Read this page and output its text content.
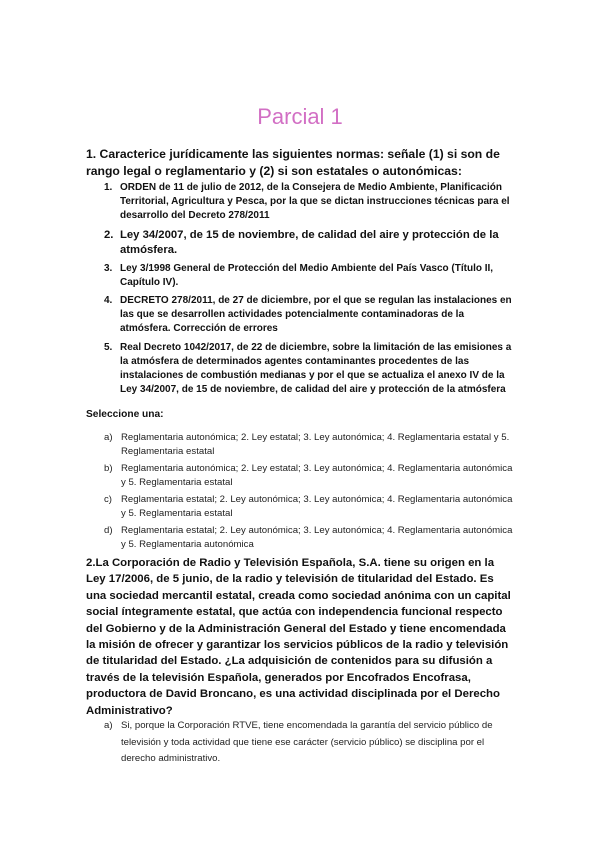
Parcial 1

1. Caracterice jurídicamente las siguientes normas: señale (1) si son de rango legal o reglamentario y (2) si son estatales o autonómicas:

1. ORDEN de 11 de julio de 2012, de la Consejera de Medio Ambiente, Planificación Territorial, Agricultura y Pesca, por la que se dictan instrucciones técnicas para el desarrollo del Decreto 278/2011
2. Ley 34/2007, de 15 de noviembre, de calidad del aire y protección de la atmósfera.
3. Ley 3/1998 General de Protección del Medio Ambiente del País Vasco (Título II, Capítulo IV).
4. DECRETO 278/2011, de 27 de diciembre, por el que se regulan las instalaciones en las que se desarrollen actividades potencialmente contaminadoras de la atmósfera. Corrección de errores
5. Real Decreto 1042/2017, de 22 de diciembre, sobre la limitación de las emisiones a la atmósfera de determinados agentes contaminantes procedentes de las instalaciones de combustión medianas y por el que se actualiza el anexo IV de la Ley 34/2007, de 15 de noviembre, de calidad del aire y protección de la atmósfera

Seleccione una:

a) Reglamentaria autonómica; 2. Ley estatal; 3. Ley autonómica; 4. Reglamentaria estatal y 5. Reglamentaria estatal
b) Reglamentaria autonómica; 2. Ley estatal; 3. Ley autonómica; 4. Reglamentaria autonómica y 5. Reglamentaria estatal
c) Reglamentaria estatal; 2. Ley autonómica; 3. Ley autonómica; 4. Reglamentaria autonómica y 5. Reglamentaria estatal
d) Reglamentaria estatal; 2. Ley autonómica; 3. Ley autonómica; 4. Reglamentaria autonómica y 5. Reglamentaria autonómica

2.La Corporación de Radio y Televisión Española, S.A. tiene su origen en la Ley 17/2006, de 5 junio, de la radio y televisión de titularidad del Estado. Es una sociedad mercantil estatal, creada como sociedad anónima con un capital social íntegramente estatal, que actúa con independencia funcional respecto del Gobierno y de la Administración General del Estado y tiene encomendada la misión de ofrecer y garantizar los servicios públicos de la radio y televisión de titularidad del Estado. ¿La adquisición de contenidos para su difusión a través de la televisión Española, generados por Encofrados Encofrasa, productora de David Broncano, es una actividad disciplinada por el Derecho Administrativo?

a) Si, porque la Corporación RTVE, tiene encomendada la garantía del servicio público de televisión y toda actividad que tiene ese carácter (servicio público) se disciplina por el derecho administrativo.
